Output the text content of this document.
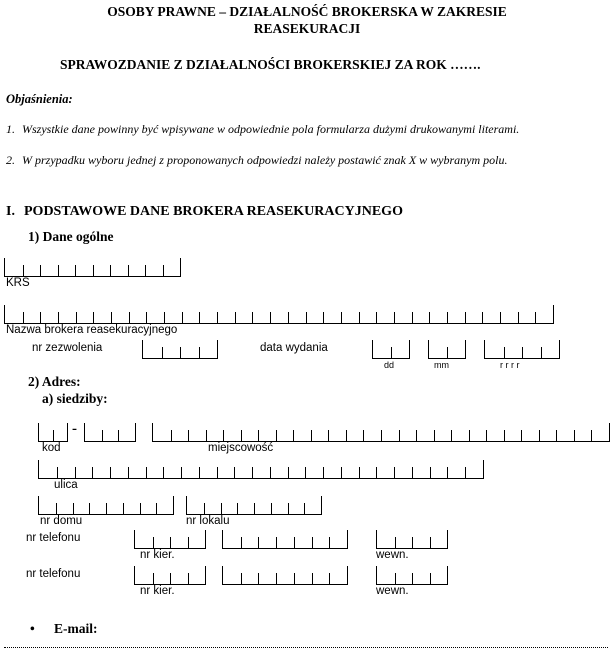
OSOBY PRAWNE – DZIAŁALNOŚĆ BROKERSKA W ZAKRESIE
REASEKURACJI
SPRAWOZDANIE Z DZIAŁALNOŚCI BROKERSKIEJ ZA ROK …….
Objaśnienia:
1. Wszystkie dane powinny być wpisywane w odpowiednie pola formularza dużymi drukowanymi literami.
2. W przypadku wyboru jednej z proponowanych odpowiedzi należy postawić znak X w wybranym polu.
I. PODSTAWOWE DANE BROKERA REASEKURACYJNEGO
1) Dane ogólne
KRS
Nazwa brokera reasekuracyjnego
nr zezwolenia	data wydania
dd	mm	r r r r
2) Adres:
a) siedziby:
-
kod	miejscowość
ulica
nr domu	nr lokalu
nr telefonu
nr kier.	wewn.
nr telefonu
nr kier.	wewn.
• E-mail:
